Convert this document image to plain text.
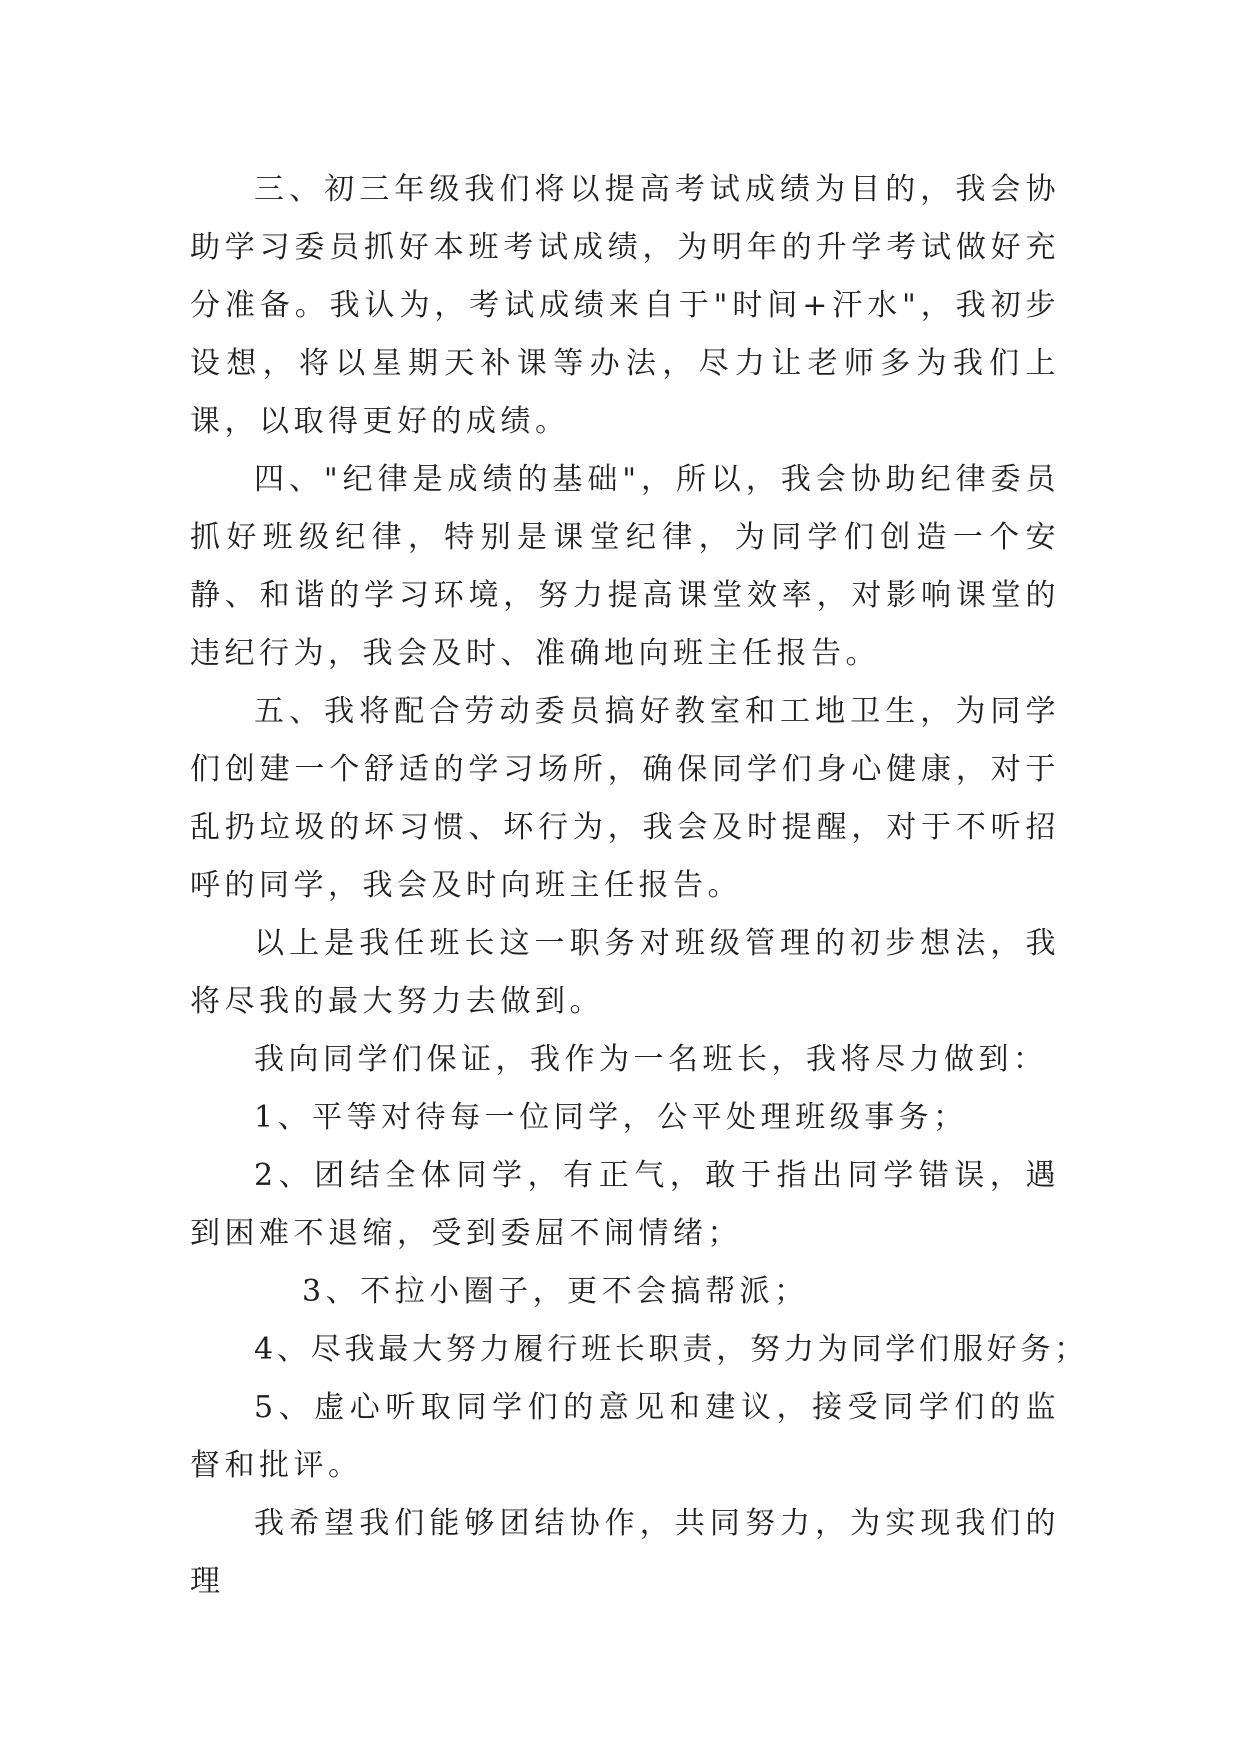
三、初三年级我们将以提高考试成绩为目的，我会协助学习委员抓好本班考试成绩，为明年的升学考试做好充分准备。我认为，考试成绩来自于"时间+汗水"，我初步设想，将以星期天补课等办法，尽力让老师多为我们上课，以取得更好的成绩。

四、"纪律是成绩的基础"，所以，我会协助纪律委员抓好班级纪律，特别是课堂纪律，为同学们创造一个安静、和谐的学习环境，努力提高课堂效率，对影响课堂的违纪行为，我会及时、准确地向班主任报告。

五、我将配合劳动委员搞好教室和工地卫生，为同学们创建一个舒适的学习场所，确保同学们身心健康，对于乱扔垃圾的坏习惯、坏行为，我会及时提醒，对于不听招呼的同学，我会及时向班主任报告。

以上是我任班长这一职务对班级管理的初步想法，我将尽我的最大努力去做到。

我向同学们保证，我作为一名班长，我将尽力做到：

1、平等对待每一位同学，公平处理班级事务；

2、团结全体同学，有正气，敢于指出同学错误，遇到困难不退缩，受到委屈不闹情绪；

3、不拉小圈子，更不会搞帮派；

4、尽我最大努力履行班长职责，努力为同学们服好务；

5、虚心听取同学们的意见和建议，接受同学们的监督和批评。

我希望我们能够团结协作，共同努力，为实现我们的理
